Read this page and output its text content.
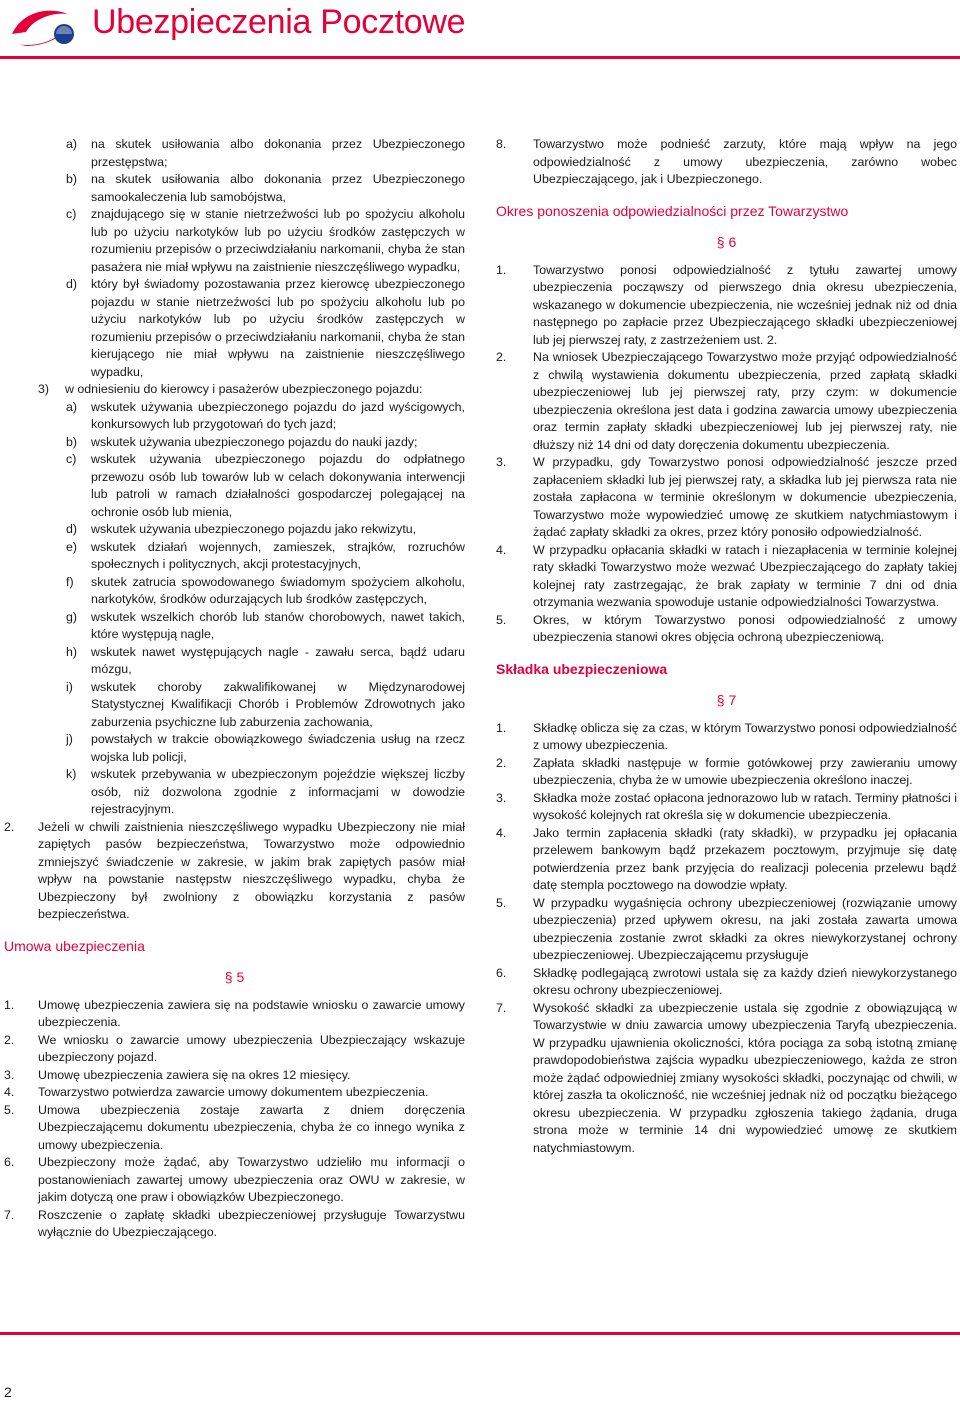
Ubezpieczenia Pocztowe
a)	na skutek usiłowania albo dokonania przez Ubezpieczonego przestępstwa;
b)	na skutek usiłowania albo dokonania przez Ubezpieczonego samookaleczenia lub samobójstwa,
c)	znajdującego się w stanie nietrzeźwości lub po spożyciu alkoholu lub po użyciu narkotyków lub po użyciu środków zastępczych w rozumieniu przepisów o przeciwdziałaniu narkomanii, chyba że stan pasażera nie miał wpływu na zaistnienie nieszczęśliwego wypadku,
d)	który był świadomy pozostawania przez kierowcę ubezpieczonego pojazdu w stanie nietrzeźwości lub po spożyciu alkoholu lub po użyciu narkotyków lub po użyciu środków zastępczych w rozumieniu przepisów o przeciwdziałaniu narkomanii, chyba że stan kierującego nie miał wpływu na zaistnienie nieszczęśliwego wypadku,
3)	w odniesieniu do kierowcy i pasażerów ubezpieczonego pojazdu:
a)	wskutek używania ubezpieczonego pojazdu do jazd wyścigowych, konkursowych lub przygotowań do tych jazd;
b)	wskutek używania ubezpieczonego pojazdu do nauki jazdy;
c)	wskutek używania ubezpieczonego pojazdu do odpłatnego przewozu osób lub towarów lub w celach dokonywania interwencji lub patroli w ramach działalności gospodarczej polegającej na ochronie osób lub mienia,
d)	wskutek używania ubezpieczonego pojazdu jako rekwizytu,
e)	wskutek działań wojennych, zamieszek, strajków, rozruchów społecznych i politycznych, akcji protestacyjnych,
f)	skutek zatrucia spowodowanego świadomym spożyciem alkoholu, narkotyków, środków odurzających lub środków zastępczych,
g)	wskutek wszelkich chorób lub stanów chorobowych, nawet takich, które występują nagle,
h)	wskutek nawet występujących nagle - zawału serca, bądź udaru mózgu,
i)	wskutek choroby zakwalifikowanej w Międzynarodowej Statystycznej Kwalifikacji Chorób i Problemów Zdrowotnych jako zaburzenia psychiczne lub zaburzenia zachowania,
j)	powstałych w trakcie obowiązkowego świadczenia usług na rzecz wojska lub policji,
k)	wskutek przebywania w ubezpieczonym pojeździe większej liczby osób, niż dozwolona zgodnie z informacjami w dowodzie rejestracyjnym.
2. Jeżeli w chwili zaistnienia nieszczęśliwego wypadku Ubezpieczony nie miał zapiętych pasów bezpieczeństwa, Towarzystwo może odpowiednio zmniejszyć świadczenie w zakresie, w jakim brak zapiętych pasów miał wpływ na powstanie następstw nieszczęśliwego wypadku, chyba że Ubezpieczony był zwolniony z obowiązku korzystania z pasów bezpieczeństwa.
Umowa ubezpieczenia
§ 5
1. Umowę ubezpieczenia zawiera się na podstawie wniosku o zawarcie umowy ubezpieczenia.
2. We wniosku o zawarcie umowy ubezpieczenia Ubezpieczający wskazuje ubezpieczony pojazd.
3. Umowę ubezpieczenia zawiera się na okres 12 miesięcy.
4. Towarzystwo potwierdza zawarcie umowy dokumentem ubezpieczenia.
5. Umowa ubezpieczenia zostaje zawarta z dniem doręczenia Ubezpieczającemu dokumentu ubezpieczenia, chyba że co innego wynika z umowy ubezpieczenia.
6. Ubezpieczony może żądać, aby Towarzystwo udzieliło mu informacji o postanowieniach zawartej umowy ubezpieczenia oraz OWU w zakresie, w jakim dotyczą one praw i obowiązków Ubezpieczonego.
7. Roszczenie o zapłatę składki ubezpieczeniowej przysługuje Towarzystwu wyłącznie do Ubezpieczającego.
8. Towarzystwo może podnieść zarzuty, które mają wpływ na jego odpowiedzialność z umowy ubezpieczenia, zarówno wobec Ubezpieczającego, jak i Ubezpieczonego.
Okres ponoszenia odpowiedzialności przez Towarzystwo
§ 6
1. Towarzystwo ponosi odpowiedzialność z tytułu zawartej umowy ubezpieczenia począwszy od pierwszego dnia okresu ubezpieczenia, wskazanego w dokumencie ubezpieczenia, nie wcześniej jednak niż od dnia następnego po zapłacie przez Ubezpieczającego składki ubezpieczeniowej lub jej pierwszej raty, z zastrzeżeniem ust. 2.
2. Na wniosek Ubezpieczającego Towarzystwo może przyjąć odpowiedzialność z chwilą wystawienia dokumentu ubezpieczenia, przed zapłatą składki ubezpieczeniowej lub jej pierwszej raty, przy czym: w dokumencie ubezpieczenia określona jest data i godzina zawarcia umowy ubezpieczenia oraz termin zapłaty składki ubezpieczeniowej lub jej pierwszej raty, nie dłuższy niż 14 dni od daty doręczenia dokumentu ubezpieczenia.
3. W przypadku, gdy Towarzystwo ponosi odpowiedzialność jeszcze przed zapłaceniem składki lub jej pierwszej raty, a składka lub jej pierwsza rata nie została zapłacona w terminie określonym w dokumencie ubezpieczenia, Towarzystwo może wypowiedzieć umowę ze skutkiem natychmiastowym i żądać zapłaty składki za okres, przez który ponosiło odpowiedzialność.
4. W przypadku opłacania składki w ratach i niezapłacenia w terminie kolejnej raty składki Towarzystwo może wezwać Ubezpieczającego do zapłaty takiej kolejnej raty zastrzegając, że brak zapłaty w terminie 7 dni od dnia otrzymania wezwania spowoduje ustanie odpowiedzialności Towarzystwa.
5. Okres, w którym Towarzystwo ponosi odpowiedzialność z umowy ubezpieczenia stanowi okres objęcia ochroną ubezpieczeniową.
Składka ubezpieczeniowa
§ 7
1. Składkę oblicza się za czas, w którym Towarzystwo ponosi odpowiedzialność z umowy ubezpieczenia.
2. Zapłata składki następuje w formie gotówkowej przy zawieraniu umowy ubezpieczenia, chyba że w umowie ubezpieczenia określono inaczej.
3. Składka może zostać opłacona jednorazowo lub w ratach. Terminy płatności i wysokość kolejnych rat określa się w dokumencie ubezpieczenia.
4. Jako termin zapłacenia składki (raty składki), w przypadku jej opłacania przelewem bankowym bądź przekazem pocztowym, przyjmuje się datę potwierdzenia przez bank przyjęcia do realizacji polecenia przelewu bądź datę stempla pocztowego na dowodzie wpłaty.
5. W przypadku wygaśnięcia ochrony ubezpieczeniowej (rozwiązanie umowy ubezpieczenia) przed upływem okresu, na jaki została zawarta umowa ubezpieczenia zostanie zwrot składki za okres niewykorzystanej ochrony ubezpieczeniowej. Ubezpieczającemu przysługuje
6. Składkę podlegającą zwrotowi ustala się za każdy dzień niewykorzystanego okresu ochrony ubezpieczeniowej.
7. Wysokość składki za ubezpieczenie ustala się zgodnie z obowiązującą w Towarzystwie w dniu zawarcia umowy ubezpieczenia Taryfą ubezpieczenia. W przypadku ujawnienia okoliczności, która pociąga za sobą istotną zmianę prawdopodobieństwa zajścia wypadku ubezpieczeniowego, każda ze stron może żądać odpowiedniej zmiany wysokości składki, poczynając od chwili, w której zaszła ta okoliczność, nie wcześniej jednak niż od początku bieżącego okresu ubezpieczenia. W przypadku zgłoszenia takiego żądania, druga strona może w terminie 14 dni wypowiedzieć umowę ze skutkiem natychmiastowym.
2
